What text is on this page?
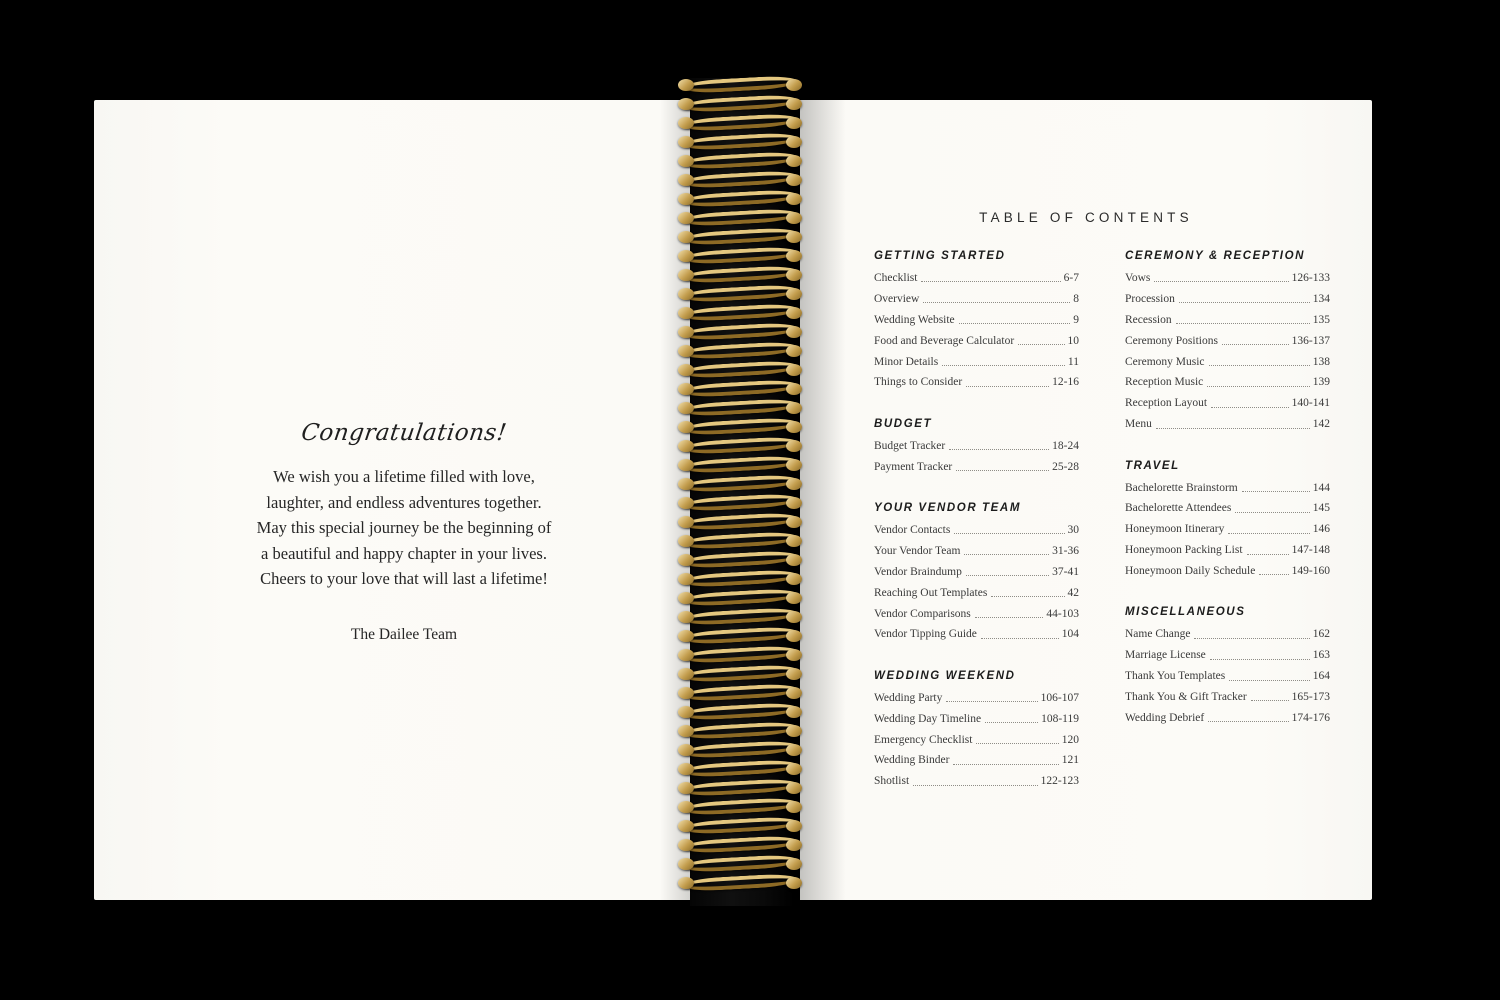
Congratulations!
We wish you a lifetime filled with love,
laughter, and endless adventures together.
May this special journey be the beginning of
a beautiful and happy chapter in your lives.
Cheers to your love that will last a lifetime!
The Dailee Team
TABLE OF CONTENTS
GETTING STARTED
Checklist	6-7
Overview	8
Wedding Website	9
Food and Beverage Calculator	10
Minor Details	11
Things to Consider	12-16
BUDGET
Budget Tracker	18-24
Payment Tracker	25-28
YOUR VENDOR TEAM
Vendor Contacts	30
Your Vendor Team	31-36
Vendor Braindump	37-41
Reaching Out Templates	42
Vendor Comparisons	44-103
Vendor Tipping Guide	104
WEDDING WEEKEND
Wedding Party	106-107
Wedding Day Timeline	108-119
Emergency Checklist	120
Wedding Binder	121
Shotlist	122-123
CEREMONY & RECEPTION
Vows	126-133
Procession	134
Recession	135
Ceremony Positions	136-137
Ceremony Music	138
Reception Music	139
Reception Layout	140-141
Menu	142
TRAVEL
Bachelorette Brainstorm	144
Bachelorette Attendees	145
Honeymoon Itinerary	146
Honeymoon Packing List	147-148
Honeymoon Daily Schedule	149-160
MISCELLANEOUS
Name Change	162
Marriage License	163
Thank You Templates	164
Thank You & Gift Tracker	165-173
Wedding Debrief	174-176
